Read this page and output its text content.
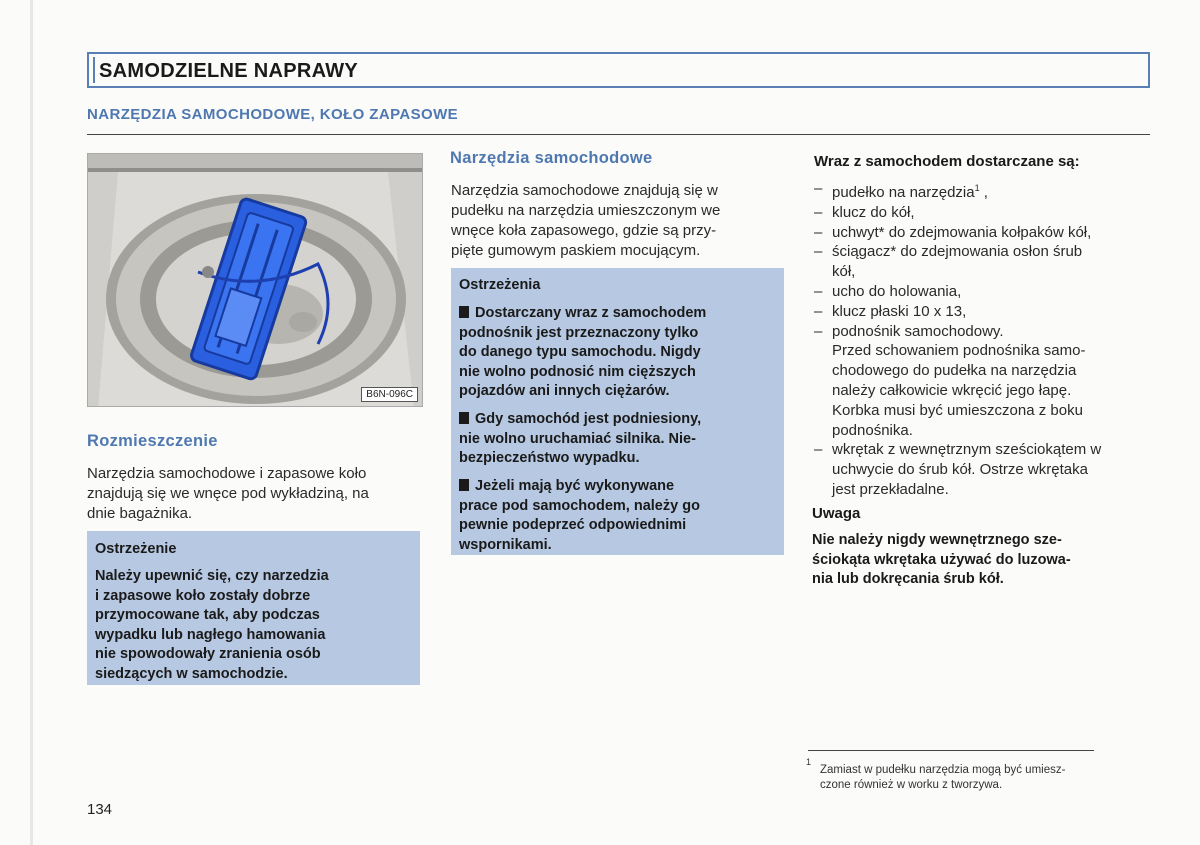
SAMODZIELNE NAPRAWY
NARZĘDZIA SAMOCHODOWE, KOŁO ZAPASOWE
B6N-096C
Rozmieszczenie
Narzędzia samochodowe i zapasowe koło
znajdują się we wnęce pod wykładziną, na
dnie bagażnika.
Ostrzeżenie
Należy upewnić się, czy narzedzia
i zapasowe koło zostały dobrze
przymocowane tak, aby podczas
wypadku lub nagłego hamowania
nie spowodowały zranienia osób
siedzących w samochodzie.
Narzędzia samochodowe
Narzędzia samochodowe znajdują się w
pudełku na narzędzia umieszczonym we
wnęce koła zapasowego, gdzie są przy-
pięte gumowym paskiem mocującym.
Ostrzeżenia
Dostarczany wraz z samochodem
podnośnik jest przeznaczony tylko
do danego typu samochodu. Nigdy
nie wolno podnosić nim cięższych
pojazdów ani innych ciężarów.
Gdy samochód jest podniesiony,
nie wolno uruchamiać silnika. Nie-
bezpieczeństwo wypadku.
Jeżeli mają być wykonywane
prace pod samochodem, należy go
pewnie podeprzeć odpowiednimi
wspornikami.
Wraz z samochodem dostarczane są:
– pudełko na narzędzia$^1$ ,
– klucz do kół,
– uchwyt* do zdejmowania kołpaków kół,
– ściągacz* do zdejmowania osłon śrub
kół,
– ucho do holowania,
– klucz płaski 10 x 13,
– podnośnik samochodowy.
Przed schowaniem podnośnika samo-
chodowego do pudełka na narzędzia
należy całkowicie wkręcić jego łapę.
Korbka musi być umieszczona z boku
podnośnika.
– wkrętak z wewnętrznym sześciokątem w
uchwycie do śrub kół. Ostrze wkrętaka
jest przekładalne.
Uwaga
Nie należy nigdy wewnętrznego sze-
ściokąta wkrętaka używać do luzowa-
nia lub dokręcania śrub kół.
1
Zamiast w pudełku narzędzia mogą być umiesz-
czone również w worku z tworzywa.
134
